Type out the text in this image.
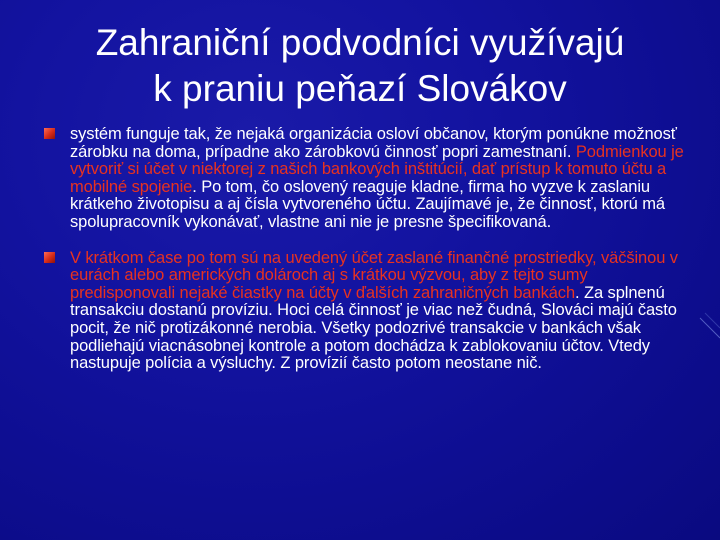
Zahraniční podvodníci využívajú
k praniu peňazí Slovákov
systém funguje tak, že nejaká organizácia osloví občanov, ktorým ponúkne možnosť zárobku na doma, prípadne ako zárobkovú činnosť popri zamestnaní. Podmienkou je vytvoriť si účet v niektorej z našich bankových inštitúcií, dať prístup k tomuto účtu a mobilné spojenie. Po tom, čo oslovený reaguje kladne, firma ho vyzve k zaslaniu krátkeho životopisu a aj čísla vytvoreného účtu. Zaujímavé je, že činnosť, ktorú má spolupracovník vykonávať, vlastne ani nie je presne špecifikovaná.
V krátkom čase po tom sú na uvedený účet zaslané finančné prostriedky, väčšinou v eurách alebo amerických dolároch aj s krátkou výzvou, aby z tejto sumy predisponovali nejaké čiastky na účty v ďalších zahraničných bankách. Za splnenú transakciu dostanú províziu. Hoci celá činnosť je viac než čudná, Slováci majú často pocit, že nič protizákonné nerobia. Všetky podozrivé transakcie v bankách však podliehajú viacnásobnej kontrole a potom dochádza k zablokovaniu účtov. Vtedy nastupuje polícia a výsluchy. Z provízií často potom neostane nič.
